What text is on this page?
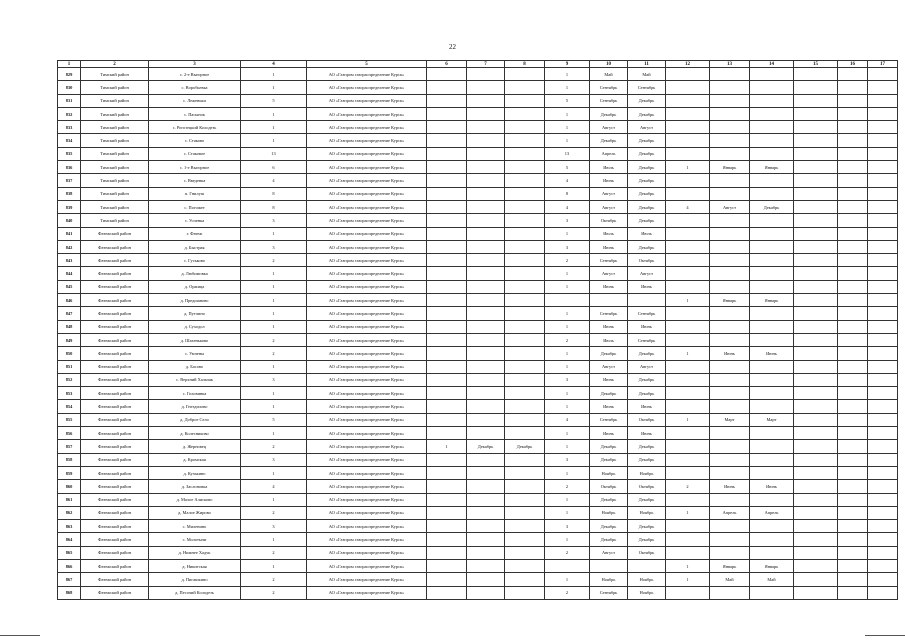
22
1	2	3	4	5	6	7	8	9	10	11	12	13	14	15	16	17
829	Тимский район	с. 2-е Выгорное	1	АО «Газпром газораспределение Курск»				1	Май	Май						
830	Тимский район	с. Воробьевка	1	АО «Газпром газораспределение Курск»				1	Сентябрь	Сентябрь						
831	Тимский район	с. Леженьки	5	АО «Газпром газораспределение Курск»				5	Сентябрь	Декабрь						
832	Тимский район	с. Пасынок	1	АО «Газпром газораспределение Курск»				1	Декабрь	Декабрь						
833	Тимский район	с. Рогозецкий Колодезь	1	АО «Газпром газораспределение Курск»				1	Август	Август						
834	Тимский район	с. Стаково	1	АО «Газпром газораспределение Курск»				1	Декабрь	Декабрь						
835	Тимский район	с. Стаковое	13	АО «Газпром газораспределение Курск»				13	Апрель	Декабрь						
836	Тимский район	с. 1-е Выгорное	6	АО «Газпром газораспределение Курск»				5	Июль	Декабрь	1	Январь	Январь			
837	Тимский район	с. Введенка	4	АО «Газпром газораспределение Курск»				4	Июнь	Декабрь						
838	Тимский район	п. Гнилуш	8	АО «Газпром газораспределение Курск»				8	Август	Декабрь						
839	Тимский район	с. Погожее	8	АО «Газпром газораспределение Курск»				4	Август	Декабрь	4	Август	Декабрь			
840	Тимский район	с. Успенка	3	АО «Газпром газораспределение Курск»				3	Октябрь	Декабрь						
841	Фатежский район	г. Фатеж	1	АО «Газпром газораспределение Курск»				1	Июль	Июль						
842	Фатежский район	д. Быстрая	3	АО «Газпром газораспределение Курск»				3	Июнь	Декабрь						
843	Фатежский район	с. Гуськово	2	АО «Газпром газораспределение Курск»				2	Сентябрь	Октябрь						
844	Фатежский район	д. Любимовка	1	АО «Газпром газораспределение Курск»				1	Август	Август						
845	Фатежский район	д. Оржица	1	АО «Газпром газораспределение Курск»				1	Июнь	Июнь						
846	Фатежский район	д. Предшаново	1	АО «Газпром газораспределение Курск»							1	Январь	Январь			
847	Фатежский район	д. Путчино	1	АО «Газпром газораспределение Курск»				1	Сентябрь	Сентябрь						
848	Фатежский район	д. Суходол	1	АО «Газпром газораспределение Курск»				1	Июнь	Июнь						
849	Фатежский район	д. Шахеньково	2	АО «Газпром газораспределение Курск»				2	Июль	Сентябрь						
850	Фатежский район	с. Умчены	2	АО «Газпром газораспределение Курск»				1	Декабрь	Декабрь	1	Июнь	Июнь			
851	Фатежский район	д. Басово	1	АО «Газпром газораспределение Курск»				1	Август	Август						
852	Фатежский район	с. Верхний Хальчак	3	АО «Газпром газораспределение Курск»				3	Июнь	Декабрь						
853	Фатежский район	с. Головинка	1	АО «Газпром газораспределение Курск»				1	Декабрь	Декабрь						
854	Фатежский район	д. Гнездилово	1	АО «Газпром газораспределение Курск»				1	Июнь	Июнь						
855	Фатежский район	д. Доброе Село	5	АО «Газпром газораспределение Курск»				4	Сентябрь	Октябрь	1	Март	Март			
856	Фатежский район	д. Колесниково	1	АО «Газпром газораспределение Курск»				1	Июнь	Июнь						
857	Фатежский район	д. Жерновец	2	АО «Газпром газораспределение Курск»	1	Декабрь	Декабрь	1	Декабрь	Декабрь						
858	Фатежский район	д. Кромская	3	АО «Газпром газораспределение Курск»				3	Декабрь	Декабрь						
859	Фатежский район	д. Кузькино	1	АО «Газпром газораспределение Курск»				1	Ноябрь	Ноябрь						
860	Фатежский район	д. Заслоновка	4	АО «Газпром газораспределение Курск»				2	Октябрь	Октябрь	2	Июнь	Июнь			
861	Фатежский район	д. Малое Алисково	1	АО «Газпром газораспределение Курск»				1	Декабрь	Декабрь						
862	Фатежский район	д. Малое Жирово	2	АО «Газпром газораспределение Курск»				1	Ноябрь	Ноябрь	1	Апрель	Апрель			
863	Фатежский район	с. Миленино	3	АО «Газпром газораспределение Курск»				3	Декабрь	Декабрь						
864	Фатежский район	с. Молотычи	1	АО «Газпром газораспределение Курск»				1	Декабрь	Декабрь						
865	Фатежский район	д. Нижнее Хадчь	2	АО «Газпром газораспределение Курск»				2	Август	Октябрь						
866	Фатежский район	д. Никитская	1	АО «Газпром газораспределение Курск»							1	Январь	Январь			
867	Фатежский район	д. Пигашкино	2	АО «Газпром газораспределение Курск»				1	Ноябрь	Ноябрь	1	Май	Май			
868	Фатежский район	д. Песочий Колодезь	2	АО «Газпром газораспределение Курск»				2	Сентябрь	Ноябрь						
